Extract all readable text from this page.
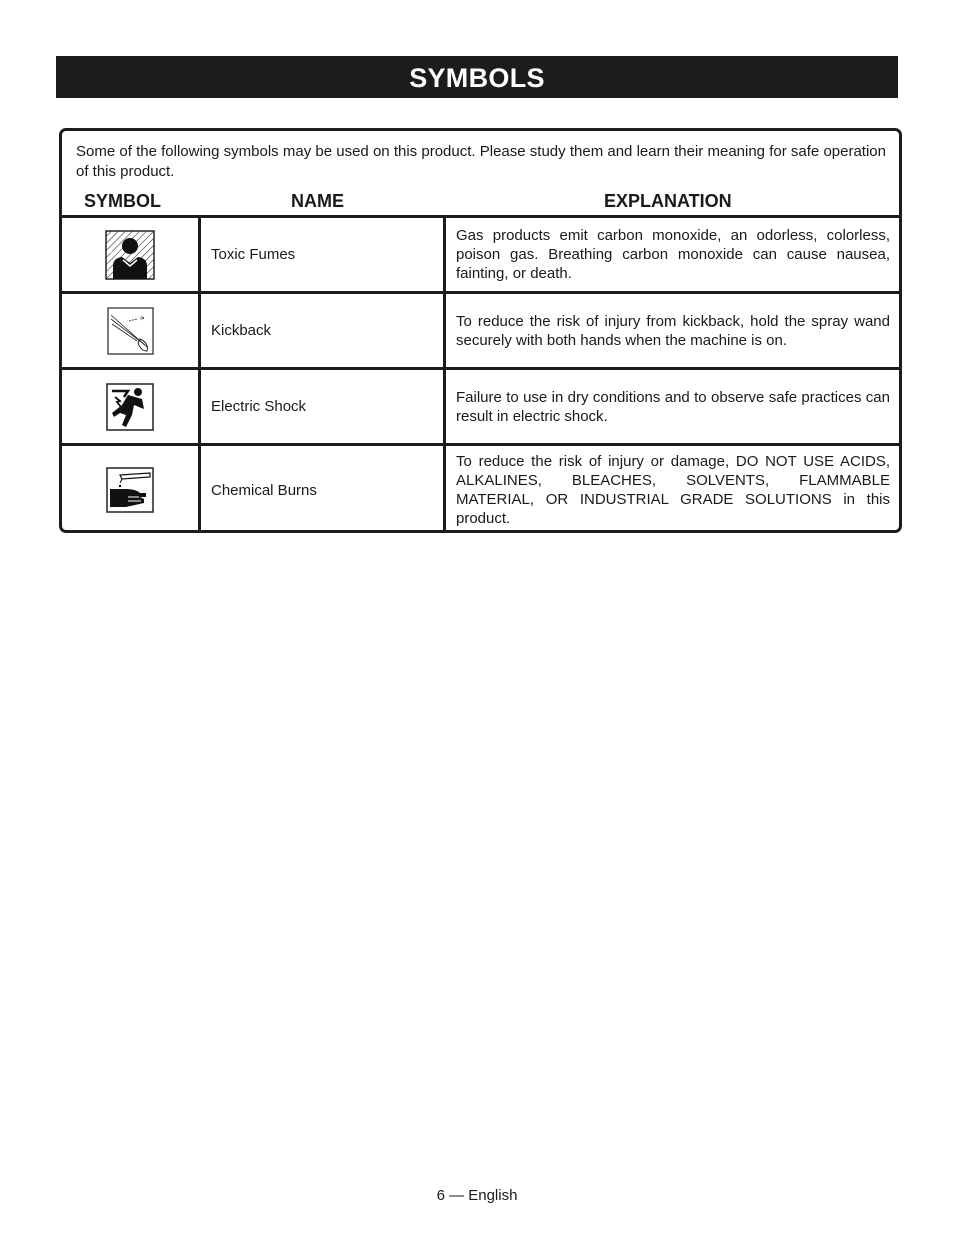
SYMBOLS

Some of the following symbols may be used on this product. Please study them and learn their meaning for safe operation of this product.

SYMBOL	NAME	EXPLANATION
Toxic Fumes
Gas products emit carbon monoxide, an odorless, colorless, poison gas. Breathing carbon monoxide can cause nausea, fainting, or death.
Kickback
To reduce the risk of injury from kickback, hold the spray wand securely with both hands when the machine is on.
Electric Shock
Failure to use in dry conditions and to observe safe practices can result in electric shock.
Chemical Burns
To reduce the risk of injury or damage, DO NOT USE ACIDS, ALKALINES, BLEACHES, SOLVENTS, FLAMMABLE MATERIAL, OR INDUSTRIAL GRADE SOLUTIONS in this product.
6 — English
